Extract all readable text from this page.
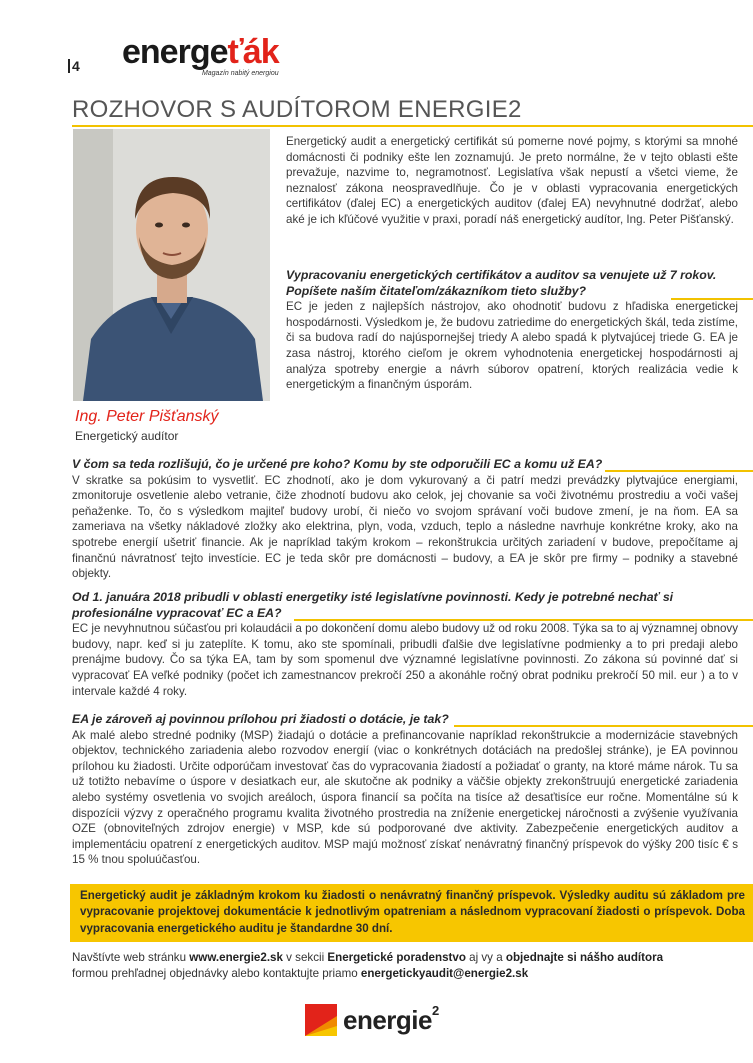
4 energeťák
Magazín nabitý energiou
ROZHOVOR S AUDÍTOROM ENERGIE2
Ing. Peter Pišťanský
Energetický audítor
Energetický audit a energetický certifikát sú pomerne nové pojmy, s ktorými sa mnohé domácnosti či podniky ešte len zoznamujú. Je preto normálne, že v tejto oblasti ešte prevažuje, nazvime to, negramotnosť. Legislatíva však nepustí a všetci vieme, že neznalosť zákona neospravedlňuje. Čo je v oblasti vypracovania energetických certifikátov (ďalej EC) a energetických auditov (ďalej EA) nevyhnutné dodržať, alebo aké je ich kľúčové využitie v praxi, poradí náš energetický audítor, Ing. Peter Pišťanský.
Vypracovaniu energetických certifikátov a auditov sa venujete už 7 rokov. Popíšete naším čitateľom/zákazníkom tieto služby?
EC je jeden z najlepších nástrojov, ako ohodnotiť budovu z hľadiska energetickej hospodárnosti. Výsledkom je, že budovu zatriedime do energetických škál, teda zistíme, či sa budova radí do najúspornejšej triedy A alebo spadá k plytvajúcej triede G. EA je zasa nástroj, ktorého cieľom je okrem vyhodnotenia energetickej hospodárnosti aj analýza spotreby energie a návrh súborov opatrení, ktorých realizácia vedie k energetickým a finančným úsporám.
V čom sa teda rozlišujú, čo je určené pre koho? Komu by ste odporučili EC a komu už EA?
V skratke sa pokúsim to vysvetliť. EC zhodnotí, ako je dom vykurovaný a či patrí medzi prevádzky plytvajúce energiami, zmonitoruje osvetlenie alebo vetranie, čiže zhodnotí budovu ako celok, jej chovanie sa voči životnému prostrediu a voči vašej peňaženke. To, čo s výsledkom majiteľ budovy urobí, či niečo vo svojom správaní voči budove zmení, je na ňom. EA sa zameriava na všetky nákladové zložky ako elektrina, plyn, voda, vzduch, teplo a následne navrhuje konkrétne kroky, ako na spotrebe energií ušetriť financie. Ak je napríklad takým krokom – rekonštrukcia určitých zariadení v budove, prepočítame aj finančnú návratnosť tejto investície. EC je teda skôr pre domácnosti – budovy, a EA je skôr pre firmy – podniky a stavebné objekty.
Od 1. januára 2018 pribudli v oblasti energetiky isté legislatívne povinnosti. Kedy je potrebné nechať si profesionálne vypracovať EC a EA?
EC je nevyhnutnou súčasťou pri kolaudácii a po dokončení domu alebo budovy už od roku 2008. Týka sa to aj významnej obnovy budovy, napr. keď si ju zateplíte. K tomu, ako ste spomínali, pribudli ďalšie dve legislatívne podmienky a to pri predaji alebo prenájme budovy. Čo sa týka EA, tam by som spomenul dve významné legislatívne povinnosti. Zo zákona sú povinné dať si vypracovať EA veľké podniky (počet ich zamestnancov prekročí 250 a akonáhle ročný obrat podniku prekročí 50 mil. eur ) a to v intervale každé 4 roky.
EA je zároveň aj povinnou prílohou pri žiadosti o dotácie, je tak?
Ak malé alebo stredné podniky (MSP) žiadajú o dotácie a prefinancovanie napríklad rekonštrukcie a modernizácie stavebných objektov, technického zariadenia alebo rozvodov energií (viac o konkrétnych dotáciách na predošlej stránke), je EA povinnou prílohou ku žiadosti. Určite odporúčam investovať čas do vypracovania žiadostí a požiadať o granty, na ktoré máme nárok. Tu sa už totižto nebavíme o úspore v desiatkach eur, ale skutočne ak podniky a väčšie objekty zrekonštruujú energetické zariadenia alebo systémy osvetlenia vo svojich areáloch, úspora financií sa počíta na tisíce až desaťtisíce eur ročne. Momentálne sú k dispozícii výzvy z operačného programu kvalita životného prostredia na zníženie energetickej náročnosti a zvýšenie využívania OZE (obnoviteľných zdrojov energie) v MSP, kde sú podporované dve aktivity. Zabezpečenie energetických auditov a implementáciu opatrení z energetických auditov. MSP majú možnosť získať nenávratný finančný príspevok do výšky 200 tisíc € s 15 % tnou spoluúčasťou.
Energetický audit je základným krokom ku žiadosti o nenávratný finančný príspevok. Výsledky auditu sú základom pre vypracovanie projektovej dokumentácie k jednotlivým opatreniam a následnom vypracovaní žiadosti o príspevok. Doba vypracovania energetického auditu je štandardne 30 dní.
Navštívte web stránku www.energie2.sk v sekcii Energetické poradenstvo aj vy a objednajte si nášho audítora formou prehľadnej objednávky alebo kontaktujte priamo energetickyaudit@energie2.sk
energie$^2$
